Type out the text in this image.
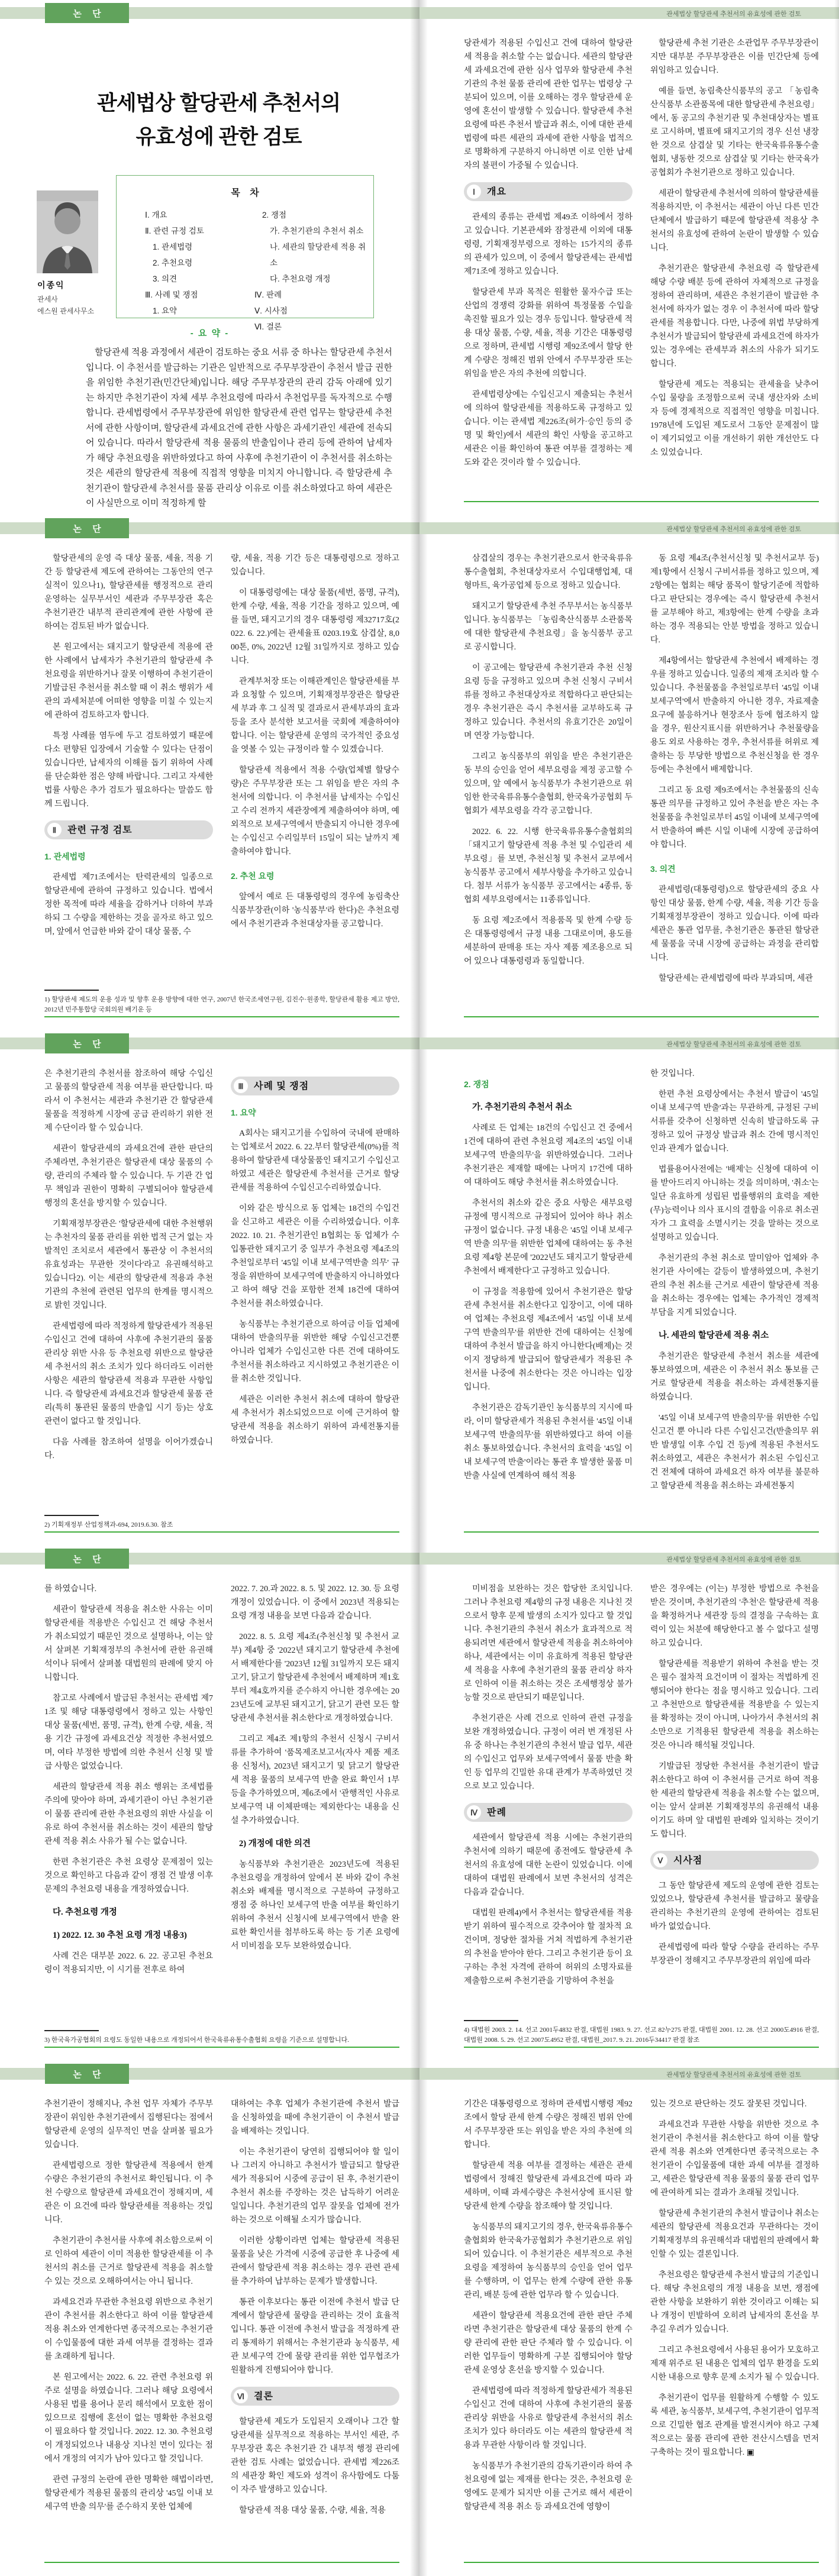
논 단
관세법상 할당관세 추천서의
유효성에 관한 검토
이종익
관세사
에스원 관세사무소
목 차
Ⅰ. 개요
Ⅱ. 관련 규정 검토
1. 관세법령
2. 추천요령
3. 의견
Ⅲ. 사례 및 쟁점
1. 요약
2. 쟁점
가. 추천기관의 추천서 취소
나. 세관의 할당관세 적용 취소
다. 추천요령 개정
Ⅳ. 판례
Ⅴ. 시사점
Ⅵ. 결론
- 요 약 -
할당관세 적용 과정에서 세관이 검토하는 중요 서류 중 하나는 할당관세 추천서입니다. 이 추천서를 발급하는 기관은 일반적으로 주무부장관이 추천서 발급 권한을 위임한 추천기관(민간단체)입니다. 해당 주무부장관의 관리 감독 아래에 있기는 하지만 추천기관이 자체 세부 추천요령에 따라서 추천업무를 독자적으로 수행합니다. 관세법령에서 주무부장관에 위임한 할당관세 관련 업무는 할당관세 추천서에 관한 사항이며, 할당관세 과세요건에 관한 사항은 과세기관인 세관에 전속되어 있습니다. 따라서 할당관세 적용 물품의 반출입이나 관리 등에 관하여 납세자가 해당 추천요령을 위반하였다고 하여 사후에 추천기관이 이 추천서를 취소하는 것은 세관의 할당관세 적용에 직접적 영향을 미치지 아니합니다. 즉 할당관세 추천기관이 할당관세 추천서를 물품 관리상 이유로 이를 취소하였다고 하여 세관은 이 사실만으로 이미 적정하게 할
관세법상 할당관세 추천서의 유효성에 관한 검토

당관세가 적용된 수입신고 건에 대하여 할당관세 적용을 취소할 수는 없습니다. 세관의 할당관세 과세요건에 관한 심사 업무와 할당관세 추천기관의 추천 물품 관리에 관한 업무는 법령상 구분되어 있으며, 이를 오해하는 경우 할당관세 운영에 혼선이 발생할 수 있습니다. 할당관세 추천요령에 따른 추천서 발급과 취소, 이에 대한 관세법령에 따른 세관의 과세에 관한 사항을 법적으로 명확하게 구분하지 아니하면 이로 인한 납세자의 불편이 가중될 수 있습니다.

Ⅰ	개요

관세의 종류는 관세법 제49조 이하에서 정하고 있습니다. 기본관세와 잠정관세 이외에 대통령령, 기획재정부령으로 정하는 15가지의 종류의 관세가 있으며, 이 중에서 할당관세는 관세법 제71조에 정하고 있습니다.

할당관세 부과 목적은 원활한 물자수급 또는 산업의 경쟁력 강화를 위하여 특정물품 수입을 촉진할 필요가 있는 경우 등입니다. 할당관세 적용 대상 물품, 수량, 세율, 적용 기간은 대통령령으로 정하며, 관세법 시행령 제92조에서 할당 한계 수량은 정해진 범위 안에서 주무부장관 또는 위임을 받은 자의 추천에 의합니다.

관세법령상에는 수입신고시 제출되는 추천서에 의하여 할당관세를 적용하도록 규정하고 있습니다. 이는 관세법 제226조(허가·승인 등의 증명 및 확인)에서 세관의 확인 사항을 공고하고 세관은 이를 확인하여 통관 여부를 결정하는 제도와 같은 것이라 할 수 있습니다.

할당관세 추천 기관은 소관업무 주무부장관이지만 대부분 주무부장관은 이를 민간단체 등에 위임하고 있습니다.

예를 들면, 농림축산식품부의 공고 「농림축산식품부 소관품목에 대한 할당관세 추천요령」에서, 동 공고의 추천기관 및 추천대상자는 별표로 고시하며, 별표에 돼지고기의 경우 신선 냉장한 것으로 삼겹살 및 기타는 한국육류유통수출협회, 냉동한 것으로 삼겹살 및 기타는 한국육가공협회가 추천기관으로 정하고 있습니다.

세관이 할당관세 추천서에 의하여 할당관세를 적용하지만, 이 추천서는 세관이 아닌 다른 민간단체에서 발급하기 때문에 할당관세 적용상 추천서의 유효성에 관하여 논란이 발생할 수 있습니다.

추천기관은 할당관세 추천요령 즉 할당관세 해당 수량 배분 등에 관하여 자체적으로 규정을 정하여 관리하며, 세관은 추천기관이 발급한 추천서에 하자가 없는 경우 이 추천서에 따라 할당관세를 적용합니다. 다만, 나중에 위법 부당하게 추천서가 발급되어 할당관세 과세요건에 하자가 있는 경우에는 관세부과 취소의 사유가 되기도 합니다.

할당관세 제도는 적용되는 관세율을 낮추어 수입 물량을 조정함으로써 국내 생산자와 소비자 등에 경제적으로 직접적인 영향을 미칩니다. 1978년에 도입된 제도로서 그동안 문제점이 많이 제기되었고 이를 개선하기 위한 개선안도 다소 있었습니다.

논 단

할당관세의 운영 즉 대상 물품, 세율, 적용 기간 등 할당관세 제도에 관하여는 그동안의 연구 실적이 있으나1), 할당관세를 행정적으로 관리 운영하는 실무부서인 세관과 주무부장관 혹은 추천기관간 내부적 관리관계에 관한 사항에 관하여는 검토된 바가 없습니다.

본 원고에서는 돼지고기 할당관세 적용에 관한 사례에서 납세자가 추천기관의 할당관세 추천요령을 위반하거나 잘못 이행하여 추천기관이 기발급된 추천서를 취소할 때 이 취소 행위가 세관의 과세처분에 어떠한 영향을 미칠 수 있는지에 관하여 검토하고자 합니다.

특정 사례를 염두에 두고 검토하였기 때문에 다소 편향된 입장에서 기술할 수 있다는 단점이 있습니다만, 납세자의 이해를 돕기 위하여 사례를 단순화한 점은 양해 바랍니다. 그리고 자세한 법률 사항은 추가 검토가 필요하다는 말씀도 함께 드립니다.

Ⅱ	관련 규정 검토
1. 관세법령

관세법 제71조에서는 탄력관세의 일종으로 할당관세에 관하여 규정하고 있습니다. 법에서 정한 목적에 따라 세율을 감하거나 더하여 부과하되 그 수량을 제한하는 것을 골자로 하고 있으며, 앞에서 언급한 바와 같이 대상 물품, 수

량, 세율, 적용 기간 등은 대통령령으로 정하고 있습니다.

이 대통령령에는 대상 물품(세번, 품명, 규격), 한계 수량, 세율, 적용 기간을 정하고 있으며, 예를 들면, 돼지고기의 경우 대통령령 제32717호(2022. 6. 22.)에는 관세율표 0203.19호 삼겹살, 8,000톤, 0%, 2022년 12월 31일까지로 정하고 있습니다.

관계부처장 또는 이해관계인은 할당관세를 부과 요청할 수 있으며, 기획재정부장관은 할당관세 부과 후 그 실적 및 결과로서 관세부과의 효과 등을 조사 분석한 보고서를 국회에 제출하여야 합니다. 이는 할당관세 운영의 국가적인 중요성을 엿볼 수 있는 규정이라 할 수 있겠습니다.

할당관세 적용에서 적용 수량(업체별 할당수량)은 주무부장관 또는 그 위임을 받은 자의 추천서에 의합니다. 이 추천서를 납세자는 수입신고 수리 전까지 세관장에게 제출하여야 하며, 예외적으로 보세구역에서 반출되지 아니한 경우에는 수입신고 수리일부터 15일이 되는 날까지 제출하여야 합니다.

2. 추천 요령

앞에서 예로 든 대통령령의 경우에 농림축산식품부장관(이하 '농식품부'라 한다)은 추천요령에서 추천기관과 추천대상자를 공고합니다.

1) 할당관세 제도의 운용 성과 및 향후 운용 방향에 대한 연구, 2007년 한국조세연구원, 김진수·원종학, 할당관세 활용 제고 방안, 2012년 민주통합당 국회의원 배기운 등
관세법상 할당관세 추천서의 유효성에 관한 검토

삼겹살의 경우는 추천기관으로서 한국육류유통수출협회, 추천대상자로서 수입대행업체, 대형마트, 육가공업체 등으로 정하고 있습니다.

돼지고기 할당관세 추천 주무부서는 농식품부입니다. 농식품부는 「농림축산식품부 소관품목에 대한 할당관세 추천요령」을 농식품부 공고로 공시합니다.

이 공고에는 할당관세 추천기관과 추천 신청 요령 등을 규정하고 있으며 추천 신청시 구비서류를 정하고 추천대상자로 적합하다고 판단되는 경우 추천기관은 즉시 추천서를 교부하도록 규정하고 있습니다. 추천서의 유효기간은 20일이며 연장 가능합니다.

그리고 농식품부의 위임을 받은 추천기관은 동 부의 승인을 얻어 세부요령을 제정 공고할 수 있으며, 앞 예에서 농식품부가 추천기관으로 위임한 한국육류유통수출협회, 한국육가공협회 두 협회가 세부요령을 각각 공고합니다.

2022. 6. 22. 시행 한국육류유통수출협회의 「돼지고기 할당관세 적용 추천 및 수입관리 세부요령」를 보면, 추천신청 및 추천서 교부에서 농식품부 공고에서 세부사항을 추가하고 있습니다. 첨부 서류가 농식품부 공고에서는 4종류, 동 협회 세부요령에서는 11종류입니다.

동 요령 제2조에서 적용품목 및 한계 수량 등은 대통령령에서 규정 내용 그대로이며, 용도를 세분하여 판매용 또는 자사 제품 제조용으로 되어 있으나 대통령령과 동일합니다.

동 요령 제4조(추천서신청 및 추천서교부 등) 제1항에서 신청시 구비서류를 정하고 있으며, 제2항에는 협회는 해당 품목이 할당기준에 적합하다고 판단되는 경우에는 즉시 할당관세 추천서를 교부해야 하고, 제3항에는 한계 수량을 초과하는 경우 적용되는 안분 방법을 정하고 있습니다.

제4항에서는 할당관세 추천에서 배제하는 경우를 정하고 있습니다. 일종의 제재 조치라 할 수 있습니다. 추천물품을 추천일로부터 '45일 이내 보세구역'에서 반출하지 아니한 경우, 자료제출 요구에 불응하거나 현장조사 등에 협조하지 않을 경우, 원산지표시를 위반하거나 추천물량을 용도 외로 사용하는 경우, 추천서류를 허위로 제출하는 등 부당한 방법으로 추천신청을 한 경우 등에는 추천에서 배제합니다.

그리고 동 요령 제9조에서는 추천물품의 신속 통관 의무를 규정하고 있어 추천을 받은 자는 추천물품을 추천일로부터 45일 이내에 보세구역에서 반출하여 빠른 시일 이내에 시장에 공급하여야 합니다.

3. 의견

관세법령(대통령령)으로 할당관세의 중요 사항인 대상 물품, 한계 수량, 세율, 적용 기간 등을 기획재정부장관이 정하고 있습니다. 이에 따라 세관은 통관 업무를, 추천기관은 통관된 할당관세 물품을 국내 시장에 공급하는 과정을 관리합니다.

할당관세는 관세법령에 따라 부과되며, 세관

논 단

은 추천기관의 추천서를 참조하여 해당 수입신고 물품의 할당관세 적용 여부를 판단합니다. 따라서 이 추천서는 세관과 추천기관 간 할당관세 물품을 적정하게 시장에 공급 관리하기 위한 전제 수단이라 할 수 있습니다.

세관이 할당관세의 과세요건에 관한 판단의 주체라면, 추천기관은 할당관세 대상 물품의 수량, 관리의 주체라 할 수 있습니다. 두 기관 간 업무 책임과 권한이 명확히 구별되어야 할당관세 행정의 혼선을 방지할 수 있습니다.

기획재정부장관은 '할당관세에 대한 추천행위는 추천자의 물품 관리를 위한 법적 근거 없는 자발적인 조치로서 세관에서 통관상 이 추천서의 유효성과는 무관한 것이다'라고 유권해석하고 있습니다2). 이는 세관의 할당관세 적용과 추천기관의 추천에 관련된 업무의 한계를 명시적으로 밝힌 것입니다.

관세법령에 따라 적정하게 할당관세가 적용된 수입신고 건에 대하여 사후에 추천기관의 물품 관리상 위반 사유 등 추천요령 위반으로 할당관세 추천서의 취소 조치가 있다 하더라도 이러한 사항은 세관의 할당관세 적용과 무관한 사항입니다. 즉 할당관세 과세요건과 할당관세 물품 관리(특히 통관된 물품의 반출입 시기 등)는 상호 관련이 없다고 할 것입니다.

다음 사례를 참조하여 설명을 이어가겠습니다.

Ⅲ	사례 및 쟁점
1. 요약

A회사는 돼지고기를 수입하여 국내에 판매하는 업체로서 2022. 6. 22.부터 할당관세(0%)를 적용하여 할당관세 대상물품인 돼지고기 수입신고하였고 세관은 할당관세 추천서를 근거로 할당관세를 적용하여 수입신고수리하였습니다.

이와 같은 방식으로 동 업체는 18건의 수입건을 신고하고 세관은 이를 수리하였습니다. 이후 2022. 10. 21. 추천기관인 B협회는 동 업체가 수입통관한 돼지고기 중 일부가 추천요령 제4조의 추천일로부터 '45일 이내 보세구역반출 의무' 규정을 위반하여 보세구역에 반출하지 아니하였다고 하여 해당 건을 포함한 전체 18건에 대하여 추천서를 취소하였습니다.

농식품부는 추천기관으로 하여금 이들 업체에 대하여 반출의무를 위반한 해당 수입신고건뿐 아니라 업체가 수입신고한 다른 건에 대하여도 추천서를 취소하라고 지시하였고 추천기관은 이를 취소한 것입니다.

세관은 이러한 추천서 취소에 대하여 할당관세 추천서가 취소되었으므로 이에 근거하여 할당관세 적용을 취소하기 위하여 과세전통지를 하였습니다.

2) 기획재정부 산업정책과-694, 2019.6.30. 참조
관세법상 할당관세 추천서의 유효성에 관한 검토
2. 쟁점
가. 추천기관의 추천서 취소

사례로 든 업체는 18건의 수입신고 건 중에서 1건에 대하여 관련 추천요령 제4조의 '45일 이내 보세구역 반출의무'을 위반하였습니다. 그러나 추천기관은 제재할 때에는 나머지 17건에 대하여 대하여도 해당 추천서를 취소하였습니다.

추천서의 취소와 같은 중요 사항은 새부요령 규정에 명시적으로 규정되어 있어야 하나 취소 규정이 없습니다. 규정 내용은 '45일 이내 보세구역 반출 의무'를 위반한 업체에 대하여는 동 추천요령 제4항 본문에 '2022년도 돼지고기 할당관세 추천에서 배제한다'고 규정하고 있습니다.

이 규정을 적용함에 있어서 추천기관은 할당관세 추천서를 취소한다고 입장이고, 이에 대하여 업체는 추천요령 제4조에서 '45일 이내 보세구역 반출의무'를 위반한 건에 대하여는 신청에 대하여 추천서 발급을 하지 아니한다(배제)는 것이지 정당하게 발급되어 할당관세가 적용된 추천서를 나중에 취소한다는 것은 아니라는 입장입니다.

추천기관은 감독기관인 농식품부의 지시에 따라, 이미 할당관세가 적용된 추천서를 '45일 이내 보세구역 반출의무'를 위반하였다고 하여 이를 취소 통보하였습니다. 추천서의 효력을 '45일 이내 보세구역 반출'이라는 통관 후 발생한 물품 미반출 사실에 연계하여 해석 적용

한 것입니다.

한편 추천 요령상에서는 추천서 발급이 '45일 이내 보세구역 반출'과는 무관하게, 규정된 구비서류를 갖추어 신청하면 신속히 발급하도록 규정하고 있어 규정상 발급과 취소 간에 명시적인 인과 관계가 없습니다.

법률용어사전에는 '배제'는 신청에 대하여 이를 받아드리지 아니하는 것을 의미하며, '취소'는 일단 유효하게 성립된 법률행위의 효력을 제한(무)능력이나 의사 표시의 결함을 이유로 취소권자가 그 효력을 소멸시키는 것을 말하는 것으로 설명하고 있습니다.

추천기관의 추천 취소로 말미암아 업체와 추천기관 사이에는 갈등이 발생하였으며, 추천기관의 추천 취소를 근거로 세관이 할당관세 적용을 취소하는 경우에는 업체는 추가적인 경제적 부담을 지게 되었습니다.

나. 세관의 할당관세 적용 취소

추천기관은 할당관세 추천서 취소를 세관에 통보하였으며, 세관은 이 추천서 취소 통보를 근거로 할당관세 적용을 취소하는 과세전통지를 하였습니다.

'45일 이내 보세구역 반출의무'를 위반한 수입신고건 뿐 아니라 다른 수입신고건(반출의무 위반 발생일 이후 수입 건 등)에 적용된 추천서도 취소하였고, 세관은 추천서가 취소된 수입신고 건 전체에 대하여 과세요건 하자 여부를 불문하고 할당관세 적용을 취소하는 과세전통지

논 단

를 하였습니다.

세관이 할당관세 적용을 취소한 사유는 이미 할당관세를 적용받은 수입신고 건 해당 추천서가 취소되었기 때문인 것으로 설명하나, 이는 앞서 살펴본 기획재정부의 추천서에 관한 유권해석이나 뒤에서 살펴볼 대법원의 판례에 맞지 아니합니다.

참고로 사례에서 발급된 추천서는 관세법 제71조 및 해당 대통령령에서 정하고 있는 사항인 대상 물품(세번, 품명, 규격), 한계 수량, 세율, 적용 기간 규정에 과세요건상 적정한 추천서였으며, 여타 부정한 방법에 의한 추천서 신청 및 발급 사항은 없었습니다.

세관의 할당관세 적용 취소 행위는 조세법률주의에 맞아야 하며, 과세기관이 아닌 추천기관이 물품 관리에 관한 추천요령의 위반 사실을 이유로 하여 추천서를 취소하는 것이 세관의 할당관세 적용 취소 사유가 될 수는 없습니다.

한편 추천기관은 추천 요령상 문제점이 있는 것으로 확인하고 다음과 같이 쟁점 건 발생 이후 문제의 추천요령 내용을 개정하였습니다.

다. 추천요령 개정
1) 2022. 12. 30 추천 요령 개정 내용3)

사례 건은 대부분 2022. 6. 22. 공고된 추천요령이 적용되지만, 이 시기를 전후로 하여

2022. 7. 20.과 2022. 8. 5. 및 2022. 12. 30. 등 요령 개정이 있었습니다. 이 중에서 2023년 적용되는 요령 개정 내용을 보면 다음과 같습니다.

2022. 8. 5. 요령 제4조(추천신청 및 추천서 교부) 제4항 중 '2022년 돼지고기 할당관세 추천에서 배제한다'를 '2023년 12월 31일까지 모든 돼지고기, 닭고기 할당관세 추천에서 배제하며 제1호부터 제4호까지를 준수하지 아니한 경우에는 2023년도에 교부된 돼지고기, 닭고기 관련 모든 할당관세 추천서를 취소한다'로 개정하였습니다.

그리고 제4조 제1항의 추천서 신청시 구비서류를 추가하여 '품목제조보고서(자사 제품 제조용 신청서), 2023년 돼지고기 및 닭고기 할당관세 적용 물품의 보세구역 반출 완료 확인서 1부 등을 추가하였으며, 제6조에서 '관행적인 사유로 보세구역 내 이체판매는 제외한다'는 내용을 신설 추가하였습니다.

2) 개정에 대한 의견

농식품부와 추천기관은 2023년도에 적용된 추천요령을 개정하여 앞에서 본 바와 같이 추천 취소와 배제를 명시적으로 구분하여 규정하고 쟁점 중 하나인 보세구역 반출 여부를 확인하기 위하여 추천서 신청시에 보세구역에서 반출 완료한 확인서를 첨부하도록 하는 등 기존 요령에서 미비점을 모두 보완하였습니다.

3) 한국육가공협회의 요령도 동일한 내용으로 개정되어서 한국육류유통수출협회 요령을 기준으로 설명합니다.
관세법상 할당관세 추천서의 유효성에 관한 검토

미비점을 보완하는 것은 합당한 조치입니다. 그러나 추천요령 제4항의 규정 내용은 지나친 것으로서 향후 문제 발생의 소지가 있다고 할 것입니다. 추천기관의 추천서 취소가 효과적으로 적용되려면 세관에서 할당관세 적용을 취소하여야 하나, 세관에서는 이미 유효하게 적용된 할당관세 적용을 사후에 추천기관의 물품 관리상 하자로 인하여 이를 취소하는 것은 조세행정상 불가능할 것으로 판단되기 때문입니다.

추천기관은 사례 건으로 인하여 관련 규정을 보완 개정하였습니다. 규정이 여러 번 개정된 사유 중 하나는 추천기관의 추천서 발급 업무, 세관의 수입신고 업무와 보세구역에서 물품 반출 확인 등 업무의 긴밀한 유대 관계가 부족하였던 것으로 보고 있습니다.

Ⅳ	판례

세관에서 할당관세 적용 시에는 추천기관의 추천서에 의하기 때문에 종전에도 할당관세 추천서의 유효성에 대한 논란이 있었습니다. 이에 대하여 대법원 판례에서 보면 추천서의 성격은 다음과 같습니다.

대법원 판례4)에서 추천서는 할당관세를 적용받기 위하여 필수적으로 갖추어야 할 절차적 요건이며, 정당한 절차를 거쳐 적법하게 추천기관의 추천을 받아야 한다. 그리고 추천기관 등이 요구하는 추천 자격에 관하여 허위의 소명자료를 제출함으로써 추천기관을 기망하여 추천을

받은 경우에는 (이는) 부정한 방법으로 추천을 받은 것이며, 추천기관의 '추천'은 할당관세 적용을 확정하거나 세관장 등의 결정을 구속하는 효력이 있는 처분에 해당한다고 볼 수 없다고 설명하고 있습니다.

할당관세를 적용받기 위하여 추천을 받는 것은 필수 절차적 요건이며 이 절차는 적법하게 진행되어야 한다는 점을 명시하고 있습니다. 그리고 추천만으로 할당관세를 적용받을 수 있는지를 확정하는 것이 아니며, 나아가서 추천서의 취소만으로 기적용된 할당관세 적용을 취소하는 것은 아니라 해석될 것입니다.

기발급된 정당한 추천서를 추천기관이 발급 취소한다고 하여 이 추천서를 근거로 하여 적용한 세관의 할당관세 적용을 취소할 수는 없으며, 이는 앞서 살펴본 기획재정부의 유권해석 내용이기도 하며 앞 대법원 판례와 일치하는 것이기도 합니다.

Ⅴ	시사점

그 동안 할당관세 제도의 운영에 관한 검토는 있었으나, 할당관세 추천서를 발급하고 물량을 관리하는 추천기관의 운영에 관하여는 검토된 바가 없었습니다.

관세법령에 따라 할당 수량을 관리하는 주무부장관이 정해지고 주무부장관의 위임에 따라

4) 대법원 2003. 2. 14. 선고 2001두4832 판결, 대법원 1983. 9. 27. 선고 82누275 판결, 대법원 2001. 12. 28. 선고 2000도4916 판결, 대법원 2008. 5. 29. 선고 2007도4952 판결, 대법원_2017. 9. 21. 2016두34417 판결 참조
논 단

추천기관이 정해지나, 추천 업무 자체가 주무부장관이 위임한 추천기관에서 집행된다는 점에서 할당관세 운영의 실무적인 면을 살펴볼 필요가 있습니다.

관세법령으로 정한 할당관세 적용에서 한계 수량은 추천기관의 추천서로 확인됩니다. 이 추천 수량으로 할당관세 과세요건이 정해지며, 세관은 이 요건에 따라 할당관세를 적용하는 것입니다.

추천기관이 추천서를 사후에 취소함으로써 이로 인하여 세관이 이미 적용한 할당관세를 이 추천서의 취소를 근거로 할당관세 적용을 취소할 수 있는 것으로 오해하여서는 아니 됩니다.

과세요건과 무관한 추천요령 위반으로 추천기관이 추천서를 취소한다고 하여 이를 할당관세 적용 취소와 연계한다면 종국적으로는 추천기관이 수입물품에 대한 과세 여부를 결정하는 결과를 초래하게 됩니다.

본 원고에서는 2022. 6. 22. 관련 추천요령 위주로 설명을 하였습니다. 그러나 해당 요령에서 사용된 법률 용어나 문리 해석에서 모호한 점이 있으므로 집행에 혼선이 없는 명확한 추천요령이 필요하다 할 것입니다. 2022. 12. 30. 추천요령이 개정되었으나 내용상 지나친 면이 있다는 점에서 개정의 여지가 남아 있다고 할 것입니다.

관련 규정의 논란에 관한 명확한 해법이라면, 할당관세가 적용된 물품의 관리상 '45일 이내 보세구역 반출 의무'를 준수하지 못한 업체에

대하여는 추후 업체가 추천기관에 추천서 발급을 신청하였을 때에 추천기관이 이 추천서 발급을 배제하는 것입니다.

이는 추천기관이 당연히 집행되어야 할 일이나 그러지 아니하고 추천서가 발급되고 할당관세가 적용되어 시중에 공급이 된 후, 추천기관이 추천서 취소를 주장하는 것은 납득하기 어려운 일입니다. 추천기관의 업무 잘못을 업체에 전가하는 것으로 이해될 소지가 많습니다.

이러한 상황이라면 업체는 할당관세 적용된 물품을 낮은 가격에 시중에 공급한 후 나중에 세관에서 할당관세 적용 취소하는 경우 관련 관세를 추가하여 납부하는 문제가 발생합니다.

통관 이후보다는 통관 이전에 추천서 발급 단계에서 할당관세 물량을 관리하는 것이 효율적입니다. 통관 이전에 추천서 발급을 적정하게 관리 통제하기 위해서는 추천기관과 농식품부, 세관 보세구역 간에 물량 관리를 위한 업무협조가 원활하게 진행되어야 합니다.

Ⅵ	결론

할당관세 제도가 도입된지 오래이나 그간 할당관세를 실무적으로 적용하는 부서인 세관, 주무부장관 혹은 추천기관 간 내부적 행정 관리에 관한 검토 사례는 없었습니다. 관세법 제226조의 세관장 확인 제도와 성격이 유사함에도 다툼이 자주 발생하고 있습니다.

할당관세 적용 대상 물품, 수량, 세율, 적용

관세법상 할당관세 추천서의 유효성에 관한 검토

기간은 대통령령으로 정하며 관세법시행령 제92조에서 할당 관세 한계 수량은 정해진 범위 안에서 주무부장관 또는 위임을 받은 자의 추천에 의합니다.

할당관세 적용 여부를 결정하는 세관은 관세법령에서 정해진 할당관세 과세요건에 따라 과세하며, 이때 과세수량은 추천서상에 표시된 할당관세 한계 수량을 참조해야 할 것입니다.

농식품부의 돼지고기의 경우, 한국육류유통수출협회와 한국육가공협회가 추천기관으로 위임되어 있습니다. 이 추천기관은 세부적으로 추천요령을 제정하여 농식품부의 승인을 얻어 업무를 수행하며, 이 업무는 한계 수량에 관한 유통 관리, 배분 등에 관한 업무라 할 수 있습니다.

세관이 할당관세 적용요건에 관한 판단 주체라면 추천기관은 할당관세 대상 물품의 한계 수량 관리에 관한 판단 주체라 할 수 있습니다. 이러한 업무들이 명확하게 구분 집행되어야 할당관세 운영상 혼선을 방지할 수 있습니다.

관세법령에 따라 적정하게 할당관세가 적용된 수입신고 건에 대하여 사후에 추천기관의 물품 관리상 위반을 사유로 할당관세 추천서의 취소 조치가 있다 하더라도 이는 세관의 할당관세 적용과 무관한 사항이라 할 것입니다.

농식품부가 추천기관의 감독기관이라 하여 추천요령에 없는 제재를 한다는 것은, 추천요령 운영에도 문제가 되지만 이를 근거로 해서 세관이 할당관세 적용 취소 등 과세요건에 영향이

있는 것으로 판단하는 것도 잘못된 것입니다.

과세요건과 무관한 사항을 위반한 것으로 추천기관이 추천서를 취소한다고 하여 이를 할당관세 적용 취소와 연계한다면 종국적으로는 추천기관이 수입물품에 대한 과세 여부를 결정하고, 세관은 할당관세 적용 물품의 물품 관리 업무에 관여하게 되는 결과가 초래될 것입니다.

할당관세 추천기관의 추천서 발급이나 취소는 세관의 할당관세 적용요건과 무관하다는 것이 기획재정부의 유권해석과 대법원의 판례에서 확인할 수 있는 결론입니다.

추천요령은 할당관세 추천서 발급의 기준입니다. 해당 추천요령의 개정 내용을 보면, 쟁점에 관한 사항을 보완하기 위한 것이라고 이해는 되나 개정이 빈발하여 오히려 납세자의 혼선을 부추길 우려가 있습니다.

그리고 추천요령에서 사용된 용어가 모호하고 제재 위주로 된 내용은 업체의 업무 환경을 도외시한 내용으로 향후 문제 소지가 될 수 있습니다.

추천기관이 업무를 원활하게 수행할 수 있도록 세관, 농식품부, 보세구역, 추천기관이 업무적으로 긴밀한 협조 관계를 발전시켜야 하고 구체적으로는 물품 관리에 관한 전산시스템을 먼저 구축하는 것이 필요합니다. ▣
